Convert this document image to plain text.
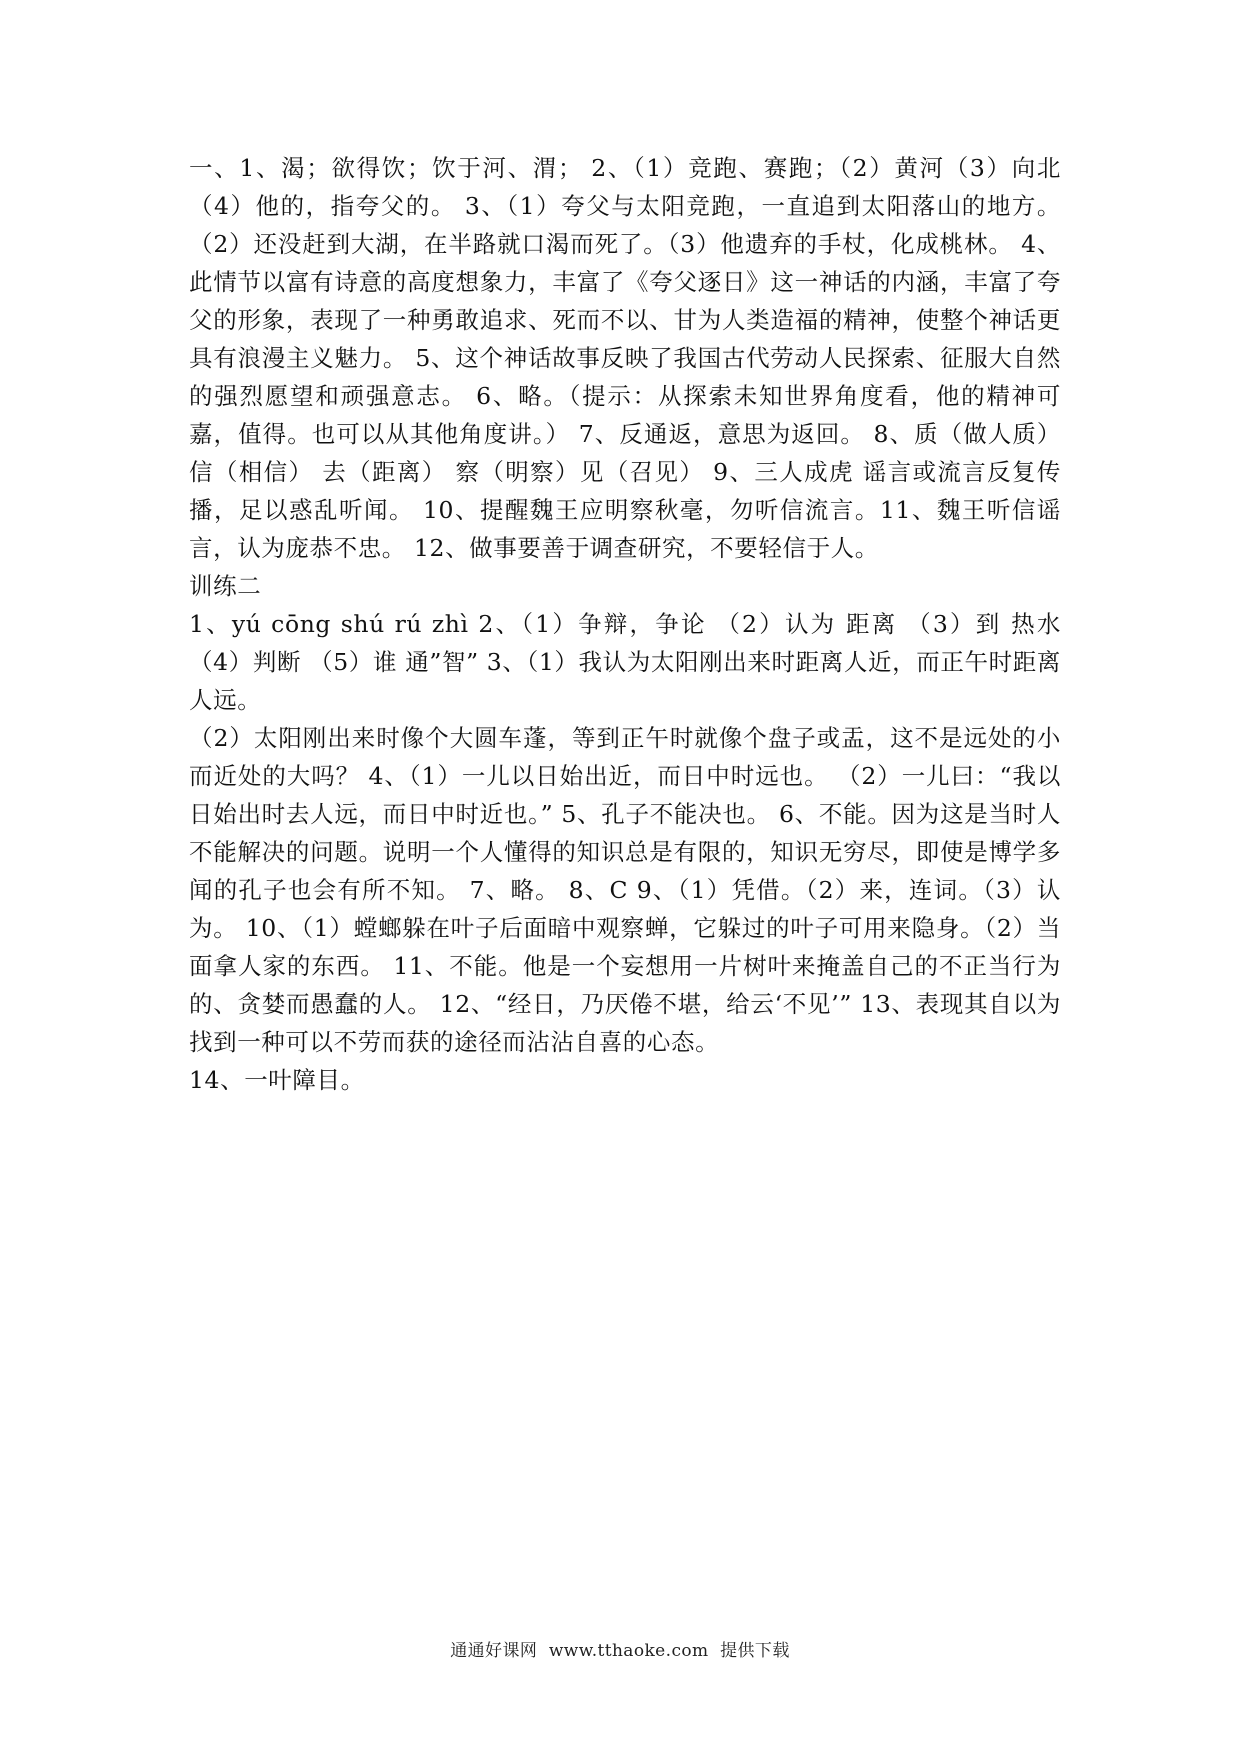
一、1、渴；欲得饮；饮于河、渭； 2、（1）竞跑、赛跑；（2）黄河（3）向北（4）他的，指夸父的。 3、（1）夸父与太阳竞跑，一直追到太阳落山的地方。（2）还没赶到大湖，在半路就口渴而死了。（3）他遗弃的手杖，化成桃林。 4、此情节以富有诗意的高度想象力，丰富了《夸父逐日》这一神话的内涵，丰富了夸父的形象，表现了一种勇敢追求、死而不以、甘为人类造福的精神，使整个神话更具有浪漫主义魅力。 5、这个神话故事反映了我国古代劳动人民探索、征服大自然的强烈愿望和顽强意志。 6、略。（提示：从探索未知世界角度看，他的精神可嘉，值得。也可以从其他角度讲。） 7、反通返，意思为返回。 8、质（做人质） 信（相信） 去（距离） 察（明察）见（召见） 9、三人成虎 谣言或流言反复传播，足以惑乱听闻。 10、提醒魏王应明察秋毫，勿听信流言。11、魏王听信谣言，认为庞恭不忠。 12、做事要善于调查研究，不要轻信于人。

训练二

1、yú cōng shú rú zhì 2、（1）争辩，争论 （2）认为 距离 （3）到 热水 （4）判断 （5）谁 通”智” 3、（1）我认为太阳刚出来时距离人近，而正午时距离人远。

（2）太阳刚出来时像个大圆车蓬，等到正午时就像个盘子或盂，这不是远处的小而近处的大吗？ 4、（1）一儿以日始出近，而日中时远也。 （2）一儿曰：“我以日始出时去人远，而日中时近也。” 5、孔子不能决也。 6、不能。因为这是当时人不能解决的问题。说明一个人懂得的知识总是有限的，知识无穷尽，即使是博学多闻的孔子也会有所不知。 7、略。 8、C 9、（1）凭借。（2）来，连词。（3）认为。 10、（1）螳螂躲在叶子后面暗中观察蝉，它躲过的叶子可用来隐身。（2）当面拿人家的东西。 11、不能。他是一个妄想用一片树叶来掩盖自己的不正当行为的、贪婪而愚蠢的人。 12、“经日，乃厌倦不堪，给云‘不见’” 13、表现其自以为找到一种可以不劳而获的途径而沾沾自喜的心态。

14、一叶障目。

通通好课网  www.tthaoke.com  提供下载
